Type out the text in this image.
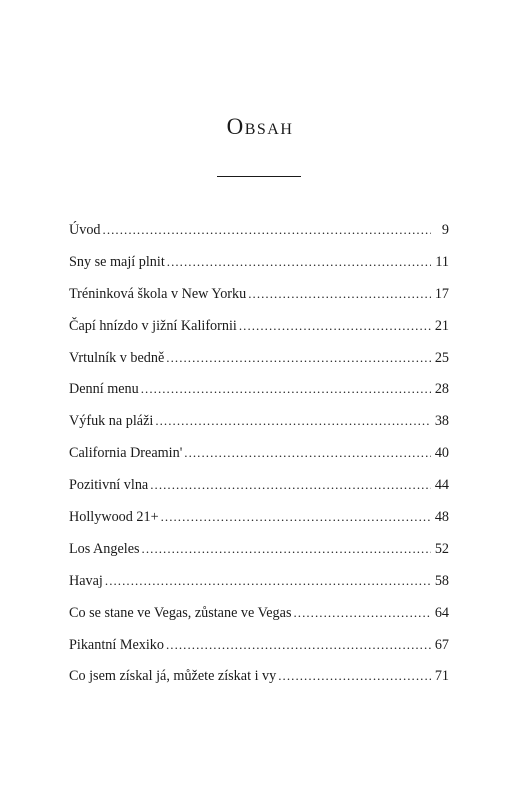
Obsah
Úvod . . .	9
Sny se mají plnit . . .	11
Tréninková škola v New Yorku . . .	17
Čapí hnízdo v jižní Kalifornii . . .	21
Vrtulník v bedně . . .	25
Denní menu . . .	28
Výfuk na pláži . . .	38
California Dreamin' . . .	40
Pozitivní vlna . . .	44
Hollywood 21+ . . .	48
Los Angeles . . .	52
Havaj . . .	58
Co se stane ve Vegas, zůstane ve Vegas . . .	64
Pikantní Mexiko . . .	67
Co jsem získal já, můžete získat i vy . . .	71
